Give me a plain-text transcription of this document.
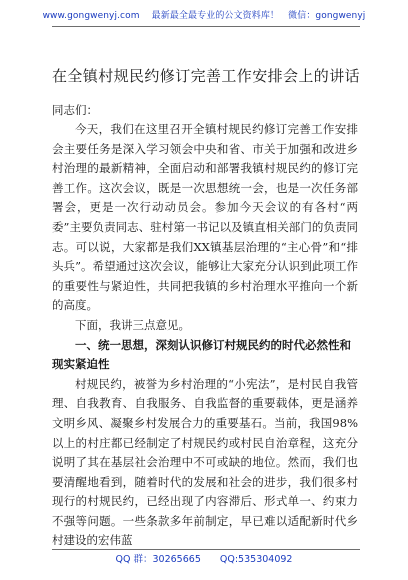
www.gongwenyj.com　 最新最全最专业的公文资料库！　微信：gongwenyj
在全镇村规民约修订完善工作安排会上的讲话

同志们：

今天，我们在这里召开全镇村规民约修订完善工作安排会主要任务是深入学习领会中央和省、市关于加强和改进乡村治理的最新精神，全面启动和部署我镇村规民约的修订完善工作。这次会议，既是一次思想统一会，也是一次任务部署会，更是一次行动动员会。参加今天会议的有各村“两委”主要负责同志、驻村第一书记以及镇直相关部门的负责同志。可以说，大家都是我们XX镇基层治理的“主心骨”和“排头兵”。希望通过这次会议，能够让大家充分认识到此项工作的重要性与紧迫性，共同把我镇的乡村治理水平推向一个新的高度。

下面，我讲三点意见。

一、统一思想，深刻认识修订村规民约的时代必然性和现实紧迫性

村规民约，被誉为乡村治理的“小宪法”，是村民自我管理、自我教育、自我服务、自我监督的重要载体，更是涵养文明乡风、凝聚乡村发展合力的重要基石。当前，我国98%以上的村庄都已经制定了村规民约或村民自治章程，这充分说明了其在基层社会治理中不可或缺的地位。然而，我们也要清醒地看到，随着时代的发展和社会的进步，我们很多村现行的村规民约，已经出现了内容滞后、形式单一、约束力不强等问题。一些条款多年前制定，早已难以适配新时代乡村建设的宏伟蓝

QQ 群：30265665 QQ:535304092
